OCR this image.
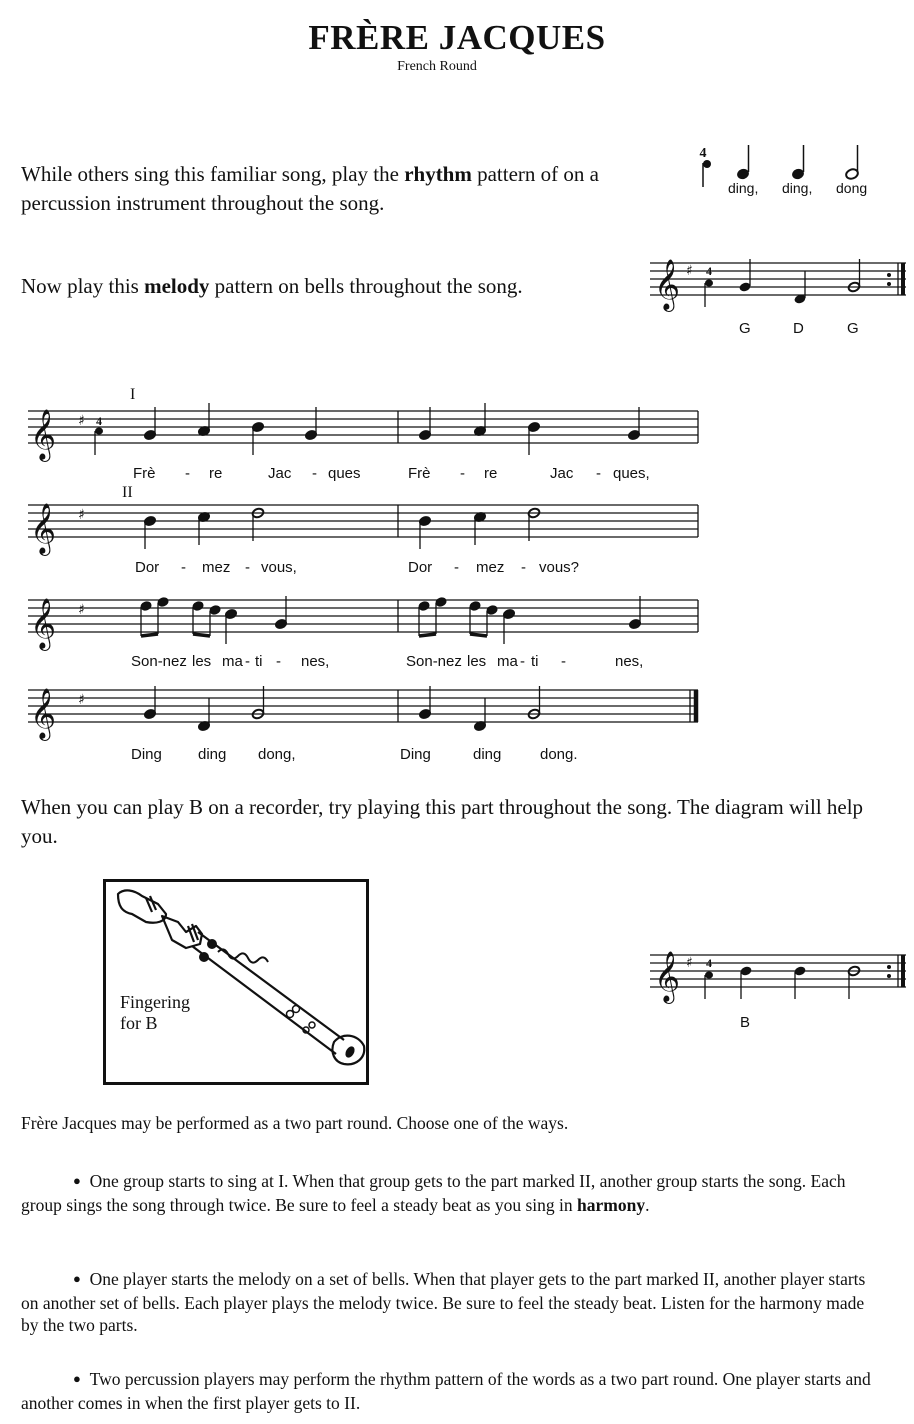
FRÈRE JACQUES
French Round
While others sing this familiar song, play the rhythm pattern of on a percussion instrument throughout the song.
4
ding, ding, dong
Now play this melody pattern on bells throughout the song.	𝄞 ♯ 4
G	D	G
I
𝄞 ♯ 4
Frè - re	Jac - ques	Frè - re	Jac - ques,
II
𝄞 ♯
Dor - mez - vous,	Dor - mez - vous?
𝄞 ♯
Son-nez les ma - ti - nes,	Son-nez les ma - ti -	nes,
𝄞 ♯
Ding ding dong,	Ding	ding	dong.
When you can play B on a recorder, try playing this part throughout the song. The diagram will help you.
Fingering
for B
𝄞 ♯ 4
B
Frère Jacques may be performed as a two part round. Choose one of the ways.
● One group starts to sing at I. When that group gets to the part marked II, another group starts the song. Each group sings the song through twice. Be sure to feel a steady beat as you sing in harmony.
● One player starts the melody on a set of bells. When that player gets to the part marked II, another player starts on another set of bells. Each player plays the melody twice. Be sure to feel the steady beat. Listen for the harmony made by the two parts.
● Two percussion players may perform the rhythm pattern of the words as a two part round. One player starts and another comes in when the first player gets to II.
